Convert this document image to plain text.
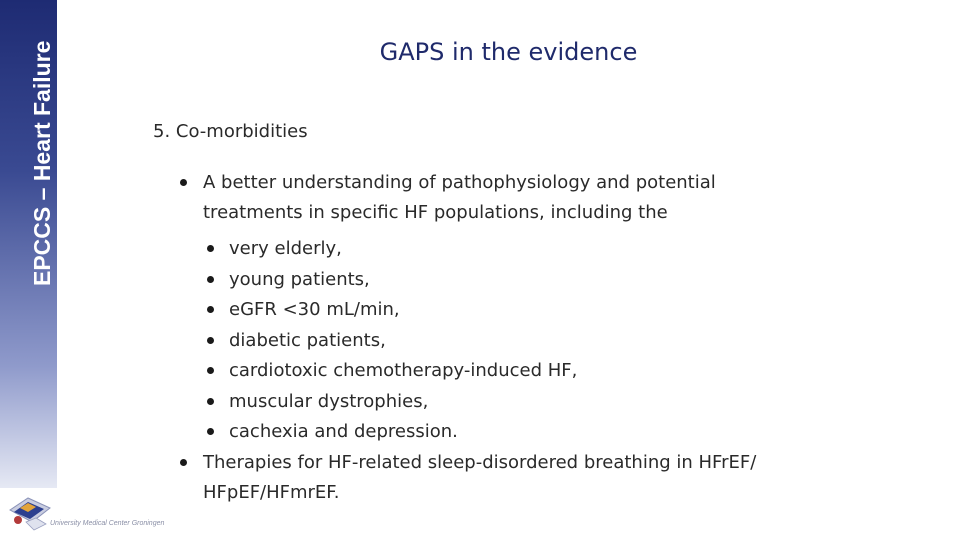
EPCCS – Heart Failure
University Medical Center Groningen
GAPS in the evidence
5. Co-morbidities
A better understanding of pathophysiology and potential treatments in specific HF populations, including the
very elderly,
young patients,
eGFR <30 mL/min,
diabetic patients,
cardiotoxic chemotherapy-induced HF,
muscular dystrophies,
cachexia and depression.
Therapies for HF-related sleep-disordered breathing in HFrEF/ HFpEF/HFmrEF.
